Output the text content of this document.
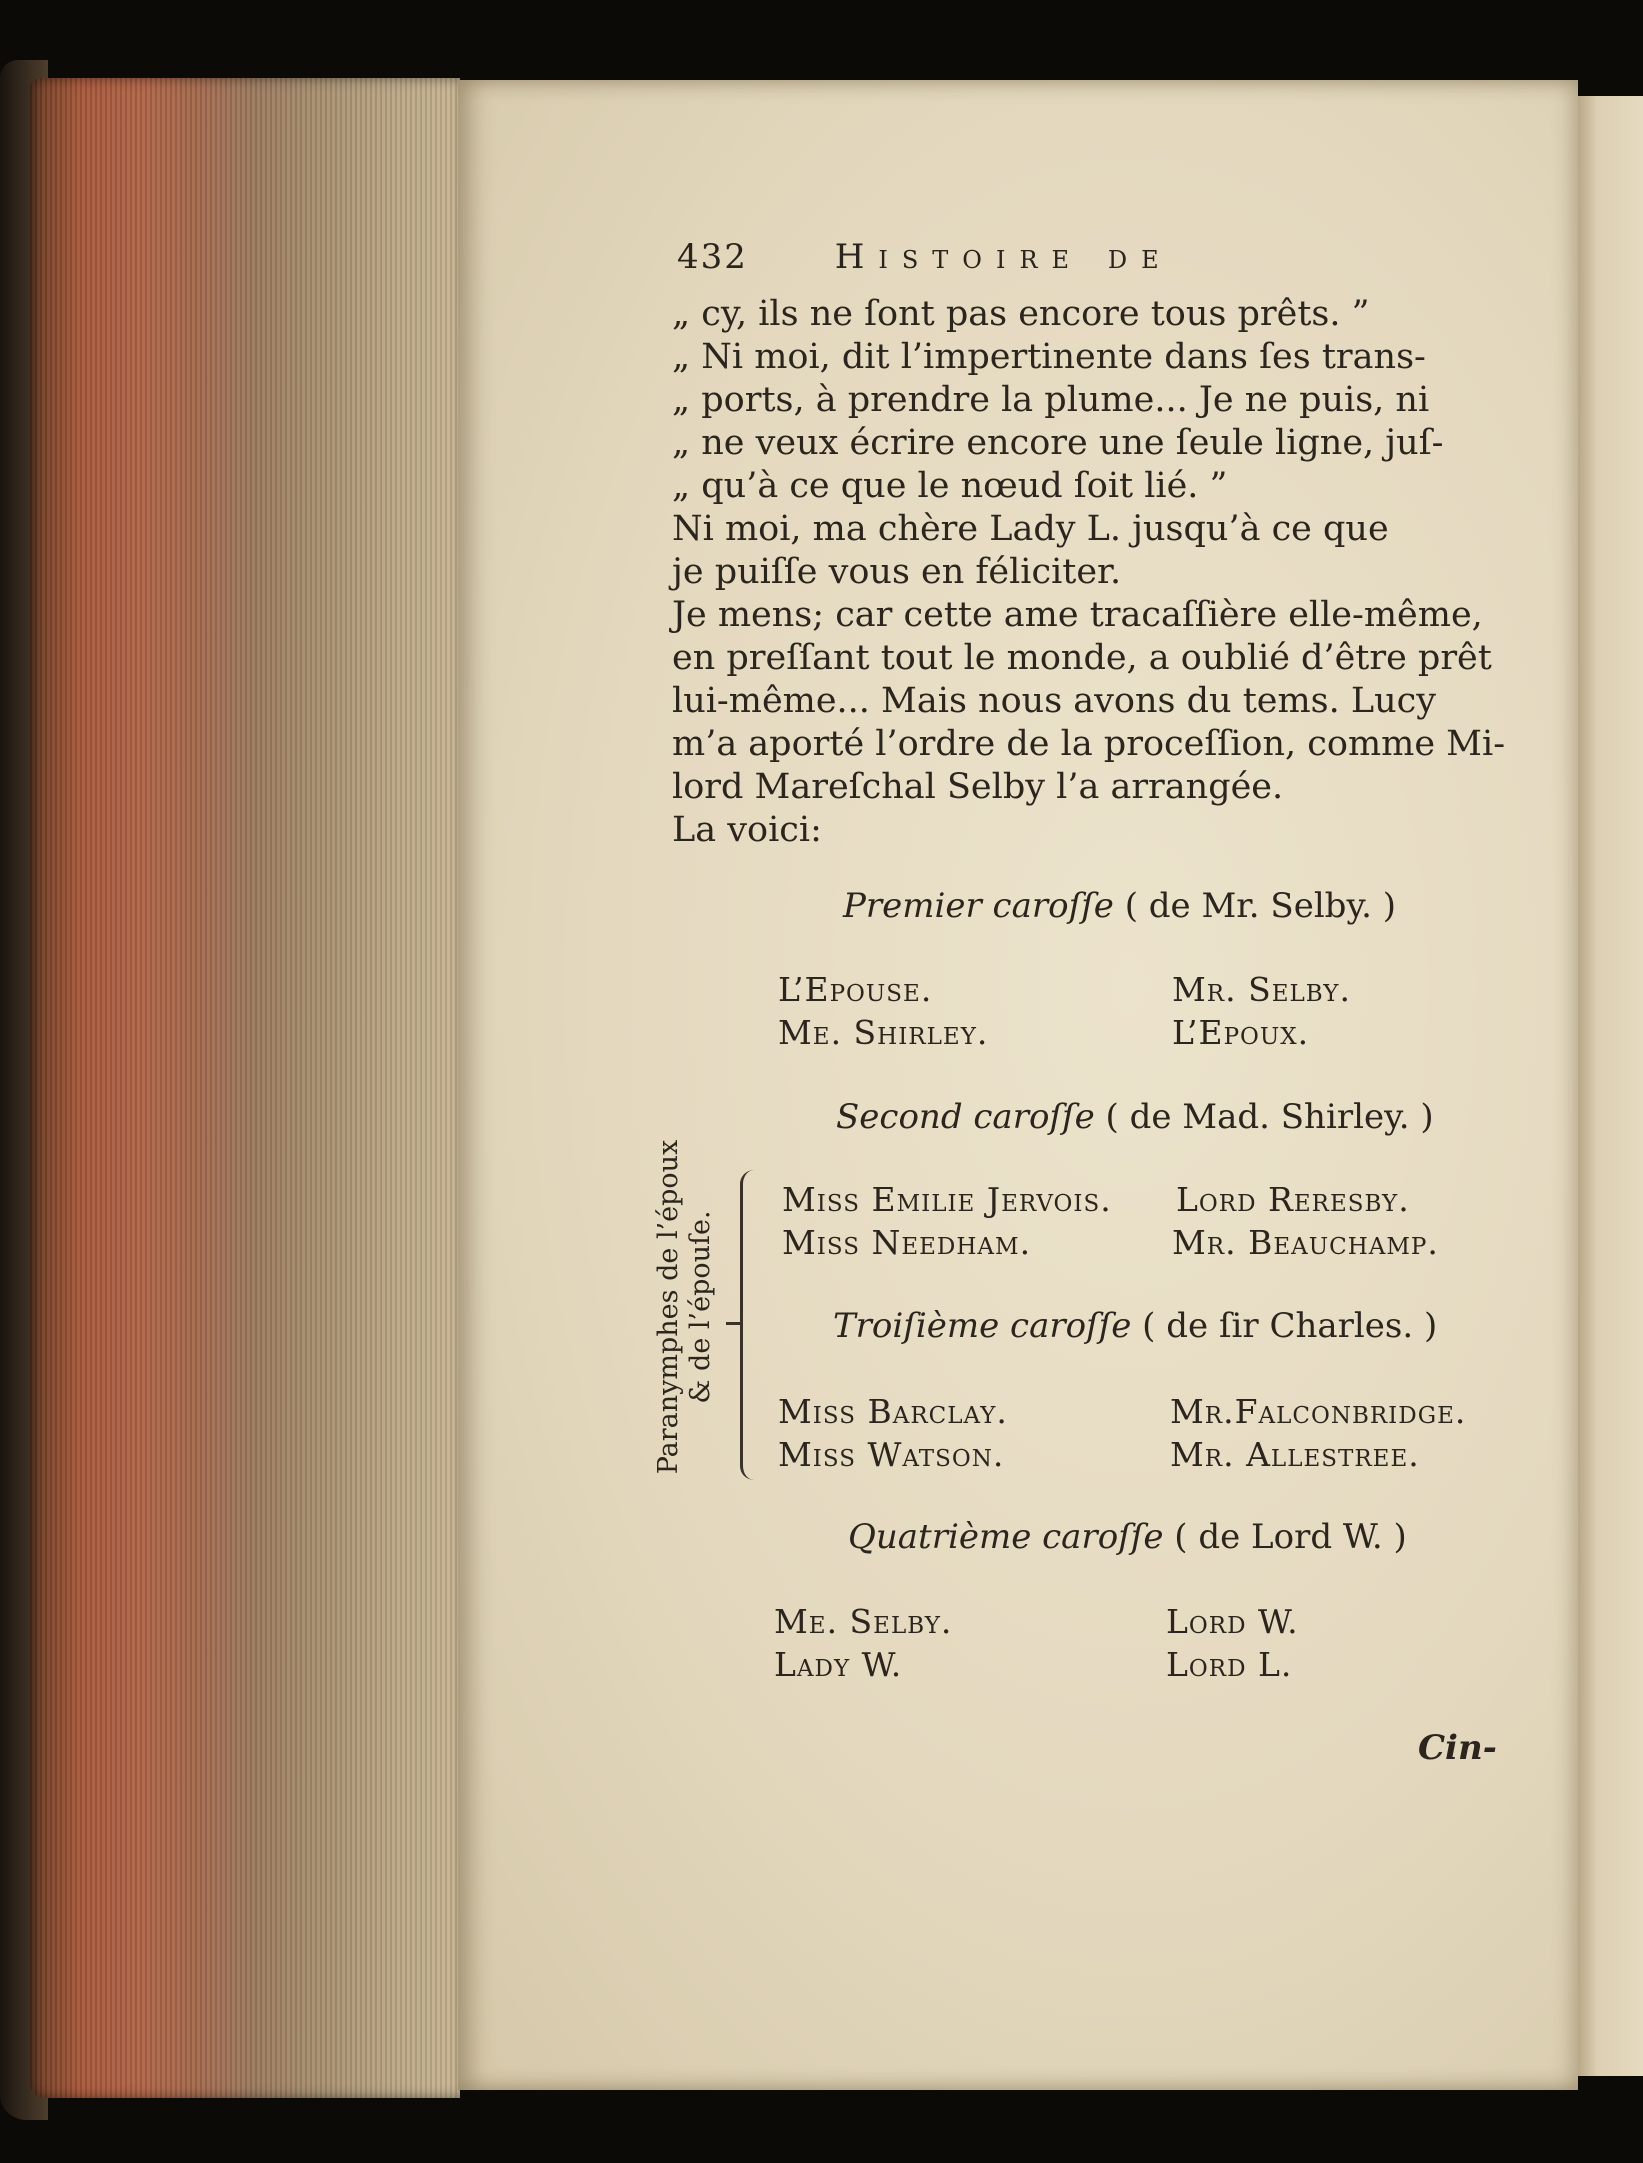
432	Histoire de
„ cy, ils ne ſont pas encore tous prêts. ”
„ Ni moi, dit l’impertinente dans ſes trans-
„ ports, à prendre la plume... Je ne puis, ni
„ ne veux écrire encore une ſeule ligne, juſ-
„ qu’à ce que le nœud ſoit lié. ”
Ni moi, ma chère Lady L. jusqu’à ce que
je puiſſe vous en féliciter.
Je mens; car cette ame tracaſſière elle-même,
en preſſant tout le monde, a oublié d’être prêt
lui-même... Mais nous avons du tems. Lucy
m’a aporté l’ordre de la proceſſion, comme Mi-
lord Mareſchal Selby l’a arrangée.
La voici:
Premier caroſſe ( de Mr. Selby. )
L’Epouse.
Me. Shirley.
Mr. Selby.
L’Epoux.
Second caroſſe ( de Mad. Shirley. )
Miſs Emilie Jervois.
Miſs Needham.
Lord Reresby.
Mr. Beauchamp.
Troiſième caroſſe ( de ſir Charles. )
Miſs Barclay.
Miſs Watson.
Mr.Falconbridge.
Mr. Allestree.
Quatrième caroſſe ( de Lord W. )
Me. Selby.
Lady W.
Lord W.
Lord L.
Paranymphes de l’époux & de l’épouſe.
Cin-
